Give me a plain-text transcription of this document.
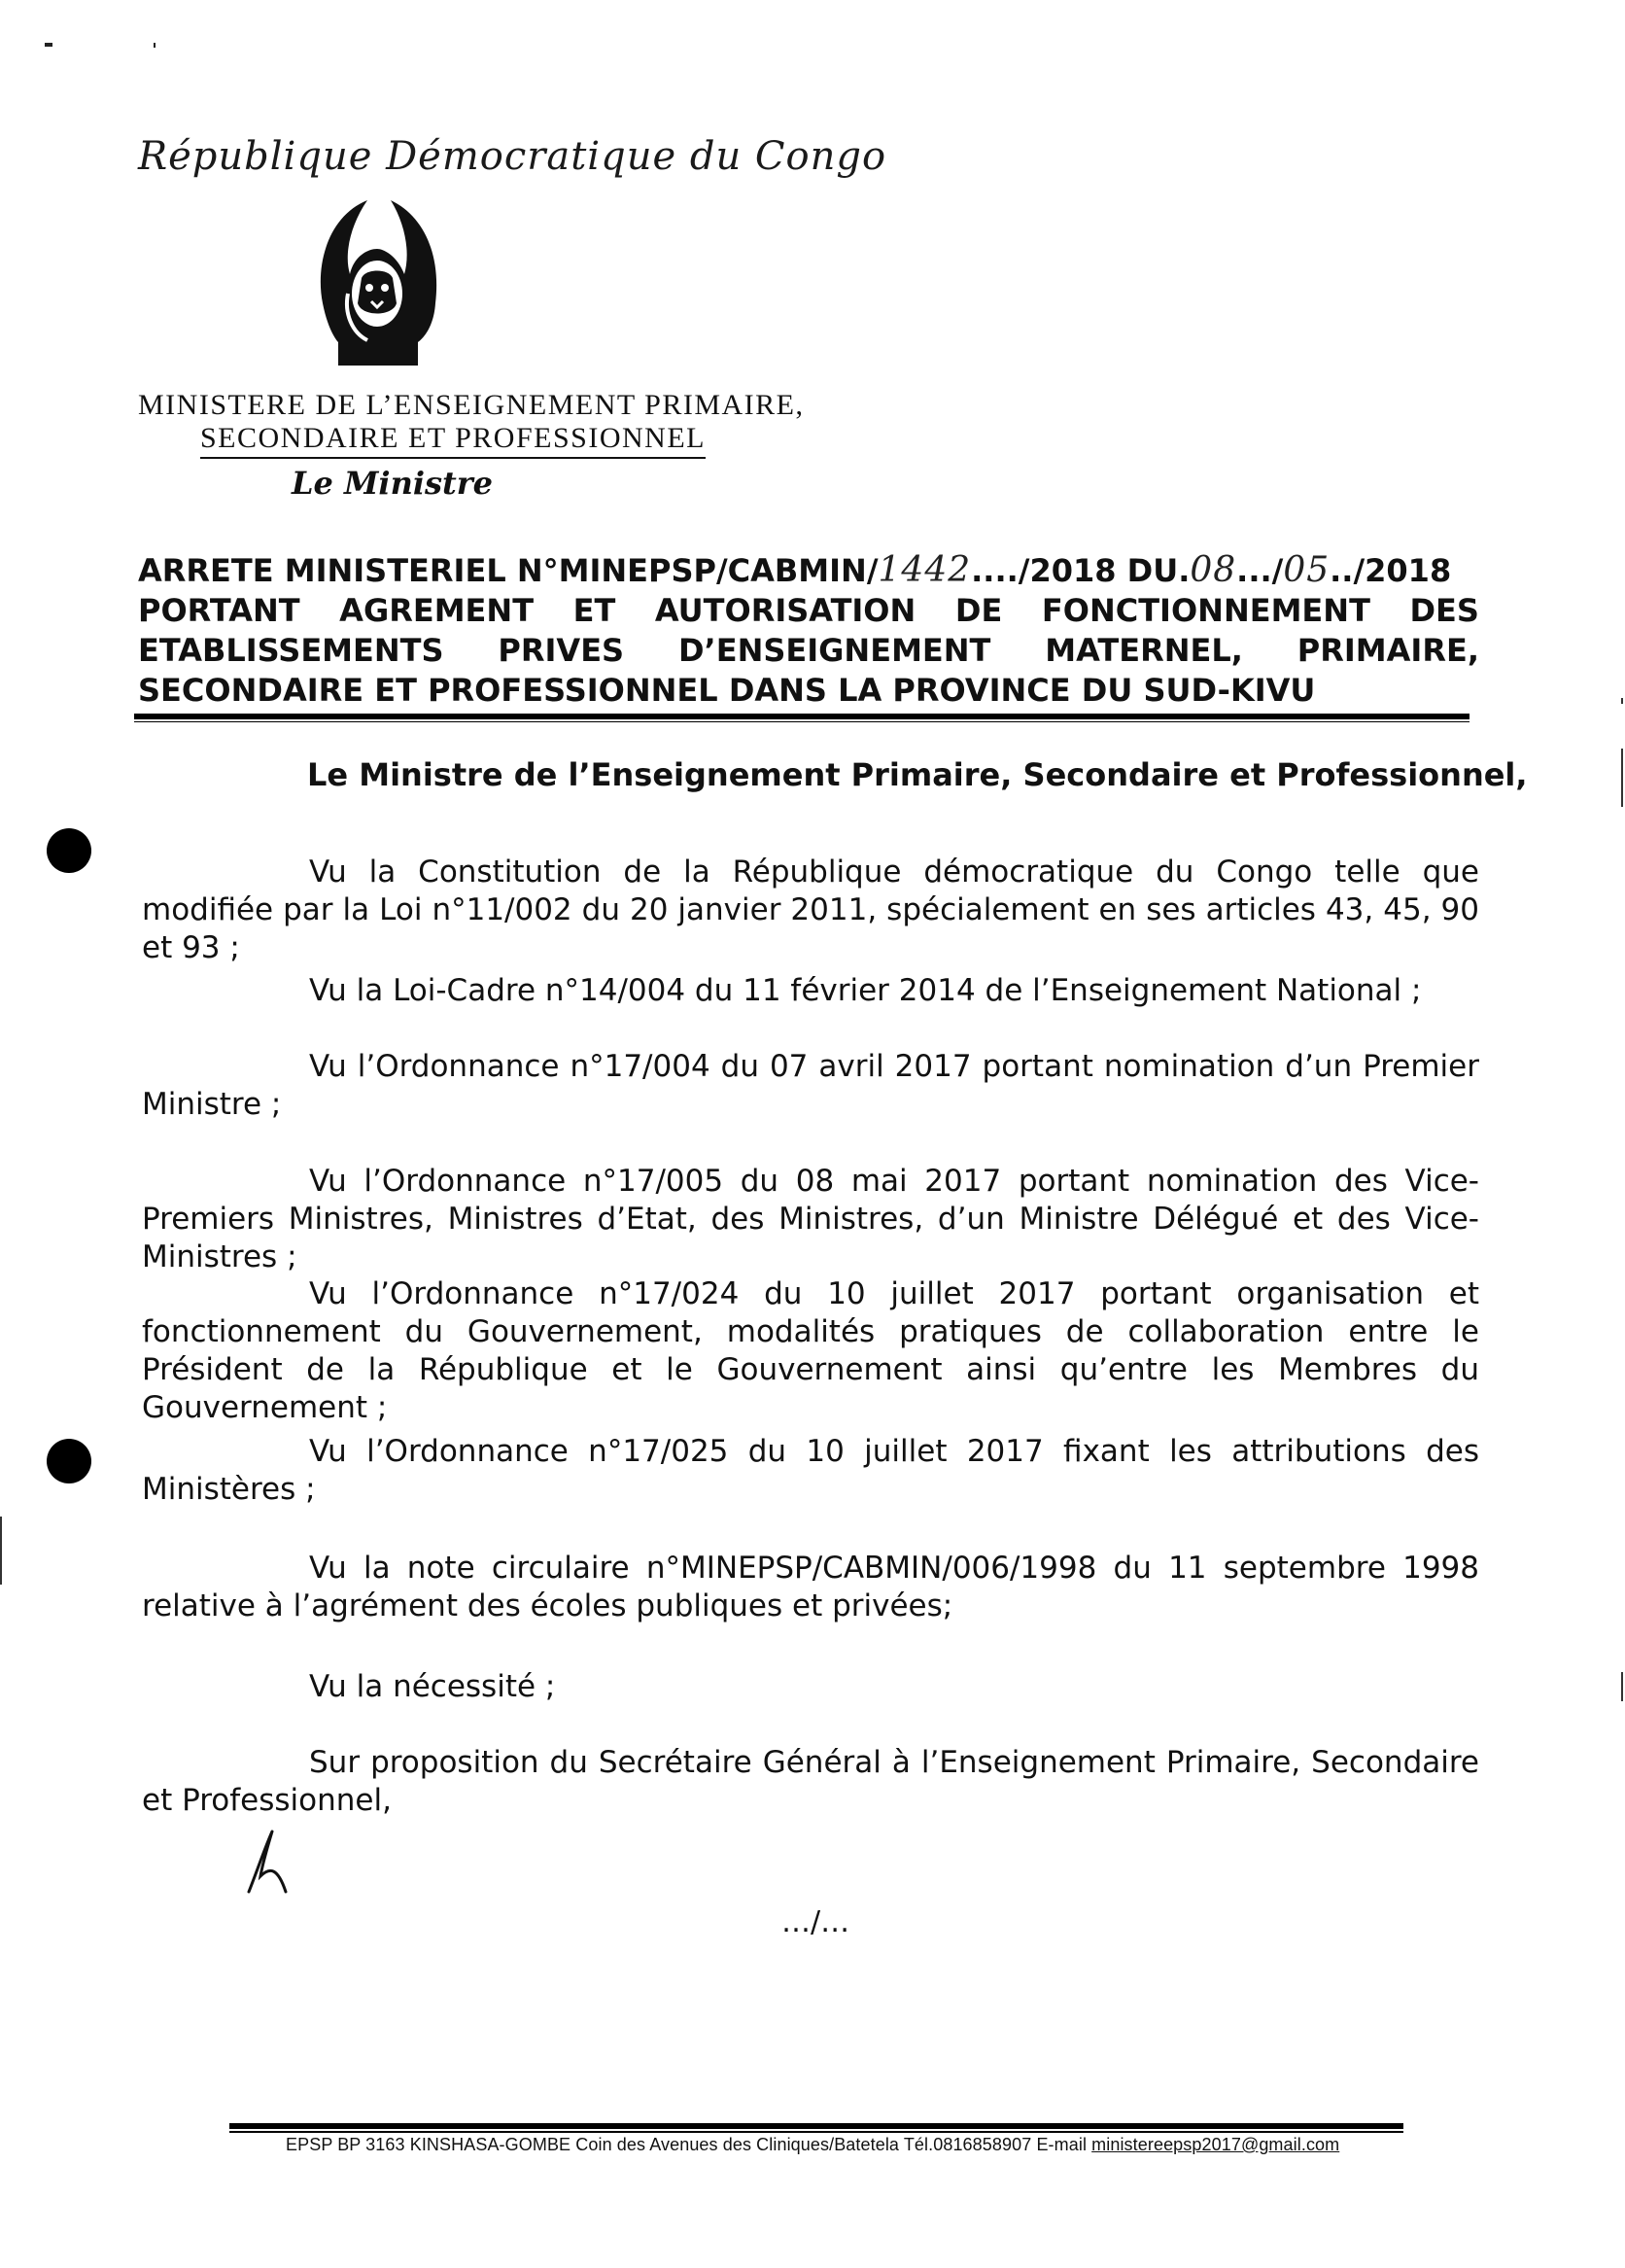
République Démocratique du Congo
MINISTERE DE L’ENSEIGNEMENT PRIMAIRE,
SECONDAIRE ET PROFESSIONNEL
Le Ministre
ARRETE MINISTERIEL N°MINEPSP/CABMIN/1442..../2018 DU.08.../05../2018
PORTANT AGREMENT ET AUTORISATION DE FONCTIONNEMENT DES
ETABLISSEMENTS PRIVES D’ENSEIGNEMENT MATERNEL, PRIMAIRE,
SECONDAIRE ET PROFESSIONNEL DANS LA PROVINCE DU SUD-KIVU
Le Ministre de l’Enseignement Primaire, Secondaire et Professionnel,
Vu la Constitution de la République démocratique du Congo telle que modifiée par la Loi n°11/002 du 20 janvier 2011, spécialement en ses articles 43, 45, 90 et 93 ;
Vu la Loi-Cadre n°14/004 du 11 février 2014 de l’Enseignement National ;
Vu l’Ordonnance n°17/004 du 07 avril 2017 portant nomination d’un Premier Ministre ;
Vu l’Ordonnance n°17/005 du 08 mai 2017 portant nomination des Vice-Premiers Ministres, Ministres d’Etat, des Ministres, d’un Ministre Délégué et des Vice-Ministres ;
Vu l’Ordonnance n°17/024 du 10 juillet 2017 portant organisation et fonctionnement du Gouvernement, modalités pratiques de collaboration entre le Président de la République et le Gouvernement ainsi qu’entre les Membres du Gouvernement ;
Vu l’Ordonnance n°17/025 du 10 juillet 2017 fixant les attributions des Ministères ;
Vu la note circulaire n°MINEPSP/CABMIN/006/1998 du 11 septembre 1998 relative à l’agrément des écoles publiques et privées;
Vu la nécessité ;
Sur proposition du Secrétaire Général à l’Enseignement Primaire, Secondaire et Professionnel,
…/…
EPSP BP 3163 KINSHASA-GOMBE Coin des Avenues des Cliniques/Batetela Tél.0816858907 E-mail ministereepsp2017@gmail.com
